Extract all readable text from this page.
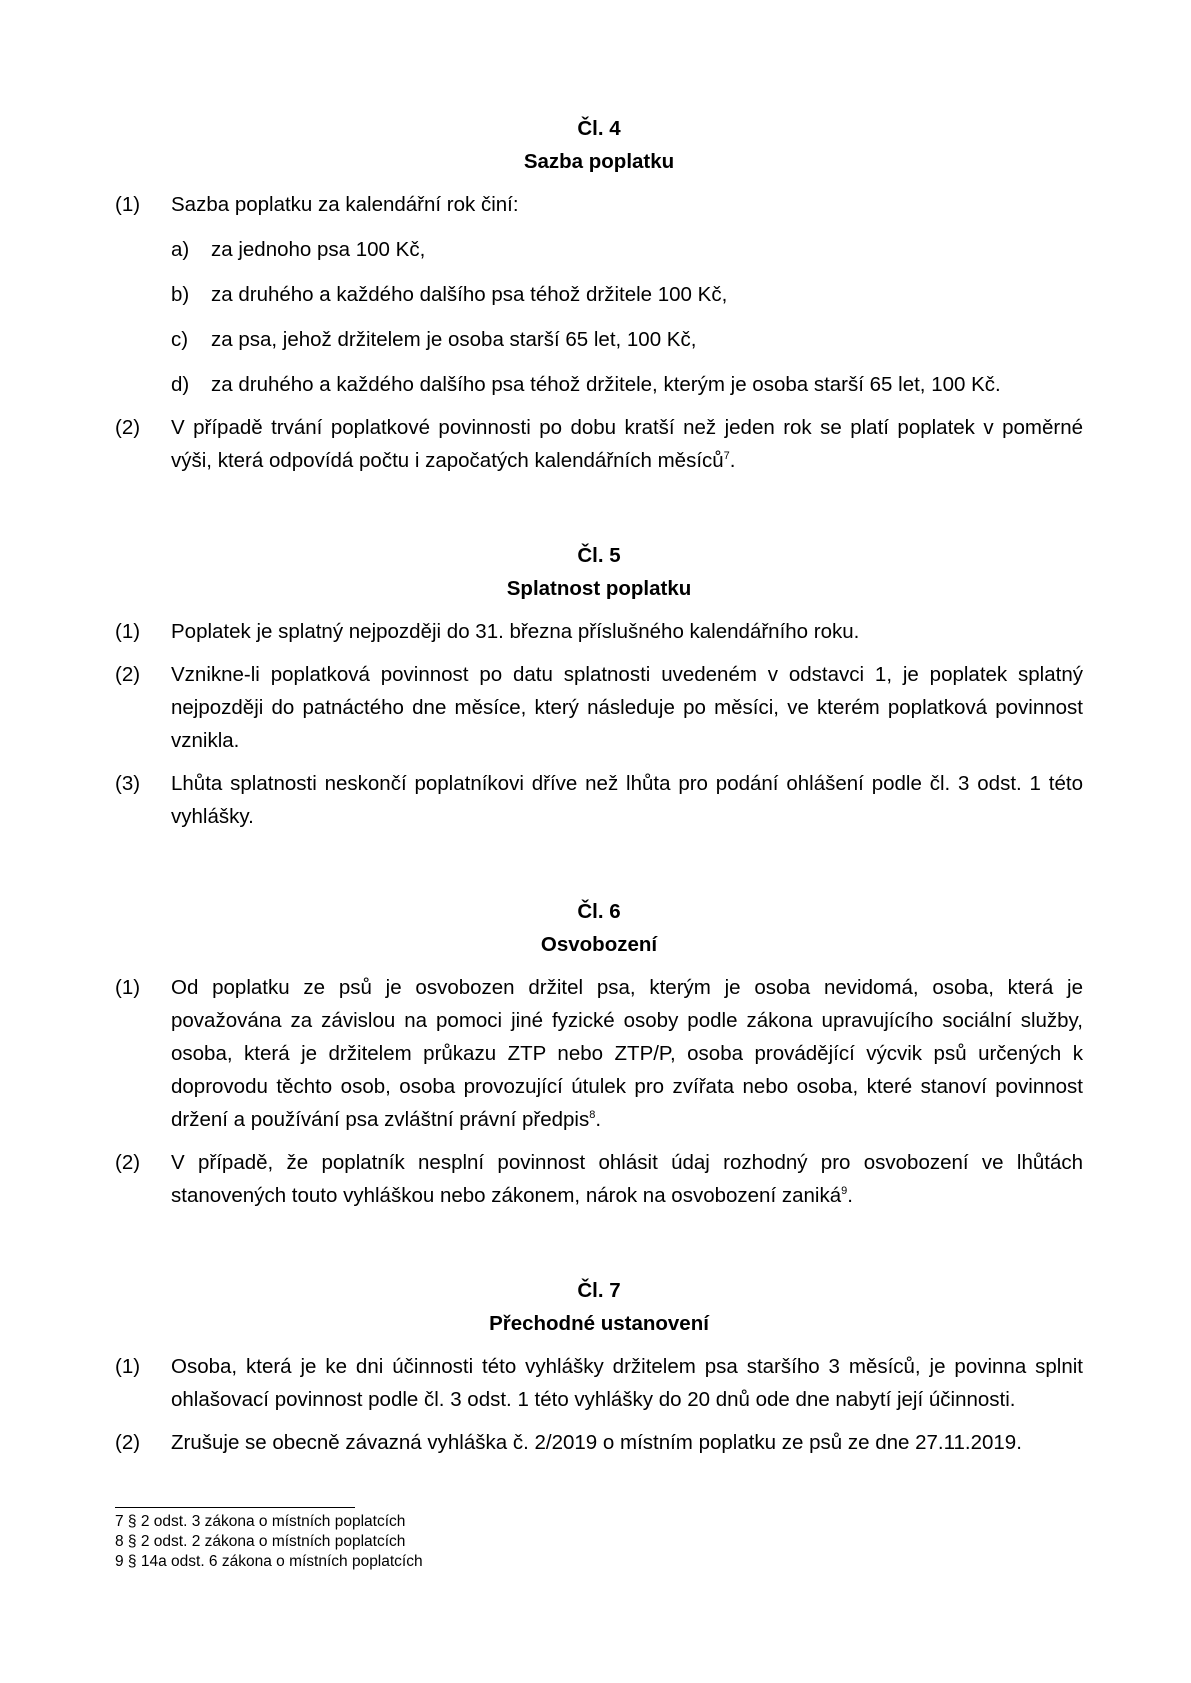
Čl. 4

Sazba poplatku

(1) Sazba poplatku za kalendářní rok činí:
a) za jednoho psa 100 Kč,
b) za druhého a každého dalšího psa téhož držitele 100 Kč,
c) za psa, jehož držitelem je osoba starší 65 let, 100 Kč,
d) za druhého a každého dalšího psa téhož držitele, kterým je osoba starší 65 let, 100 Kč.
(2) V případě trvání poplatkové povinnosti po dobu kratší než jeden rok se platí poplatek v poměrné výši, která odpovídá počtu i započatých kalendářních měsíců$^7$.

Čl. 5

Splatnost poplatku

(1) Poplatek je splatný nejpozději do 31. března příslušného kalendářního roku.
(2) Vznikne-li poplatková povinnost po datu splatnosti uvedeném v odstavci 1, je poplatek splatný nejpozději do patnáctého dne měsíce, který následuje po měsíci, ve kterém poplatková povinnost vznikla.
(3) Lhůta splatnosti neskončí poplatníkovi dříve než lhůta pro podání ohlášení podle čl. 3 odst. 1 této vyhlášky.

Čl. 6

Osvobození

(1) Od poplatku ze psů je osvobozen držitel psa, kterým je osoba nevidomá, osoba, která je považována za závislou na pomoci jiné fyzické osoby podle zákona upravujícího sociální služby, osoba, která je držitelem průkazu ZTP nebo ZTP/P, osoba provádějící výcvik psů určených k doprovodu těchto osob, osoba provozující útulek pro zvířata nebo osoba, které stanoví povinnost držení a používání psa zvláštní právní předpis$^8$.
(2) V případě, že poplatník nesplní povinnost ohlásit údaj rozhodný pro osvobození ve lhůtách stanovených touto vyhláškou nebo zákonem, nárok na osvobození zaniká$^9$.

Čl. 7

Přechodné ustanovení

(1) Osoba, která je ke dni účinnosti této vyhlášky držitelem psa staršího 3 měsíců, je povinna splnit ohlašovací povinnost podle čl. 3 odst. 1 této vyhlášky do 20 dnů ode dne nabytí její účinnosti.
(2) Zrušuje se obecně závazná vyhláška č. 2/2019 o místním poplatku ze psů ze dne 27.11.2019.
7 § 2 odst. 3 zákona o místních poplatcích
8 § 2 odst. 2 zákona o místních poplatcích
9 § 14a odst. 6 zákona o místních poplatcích
